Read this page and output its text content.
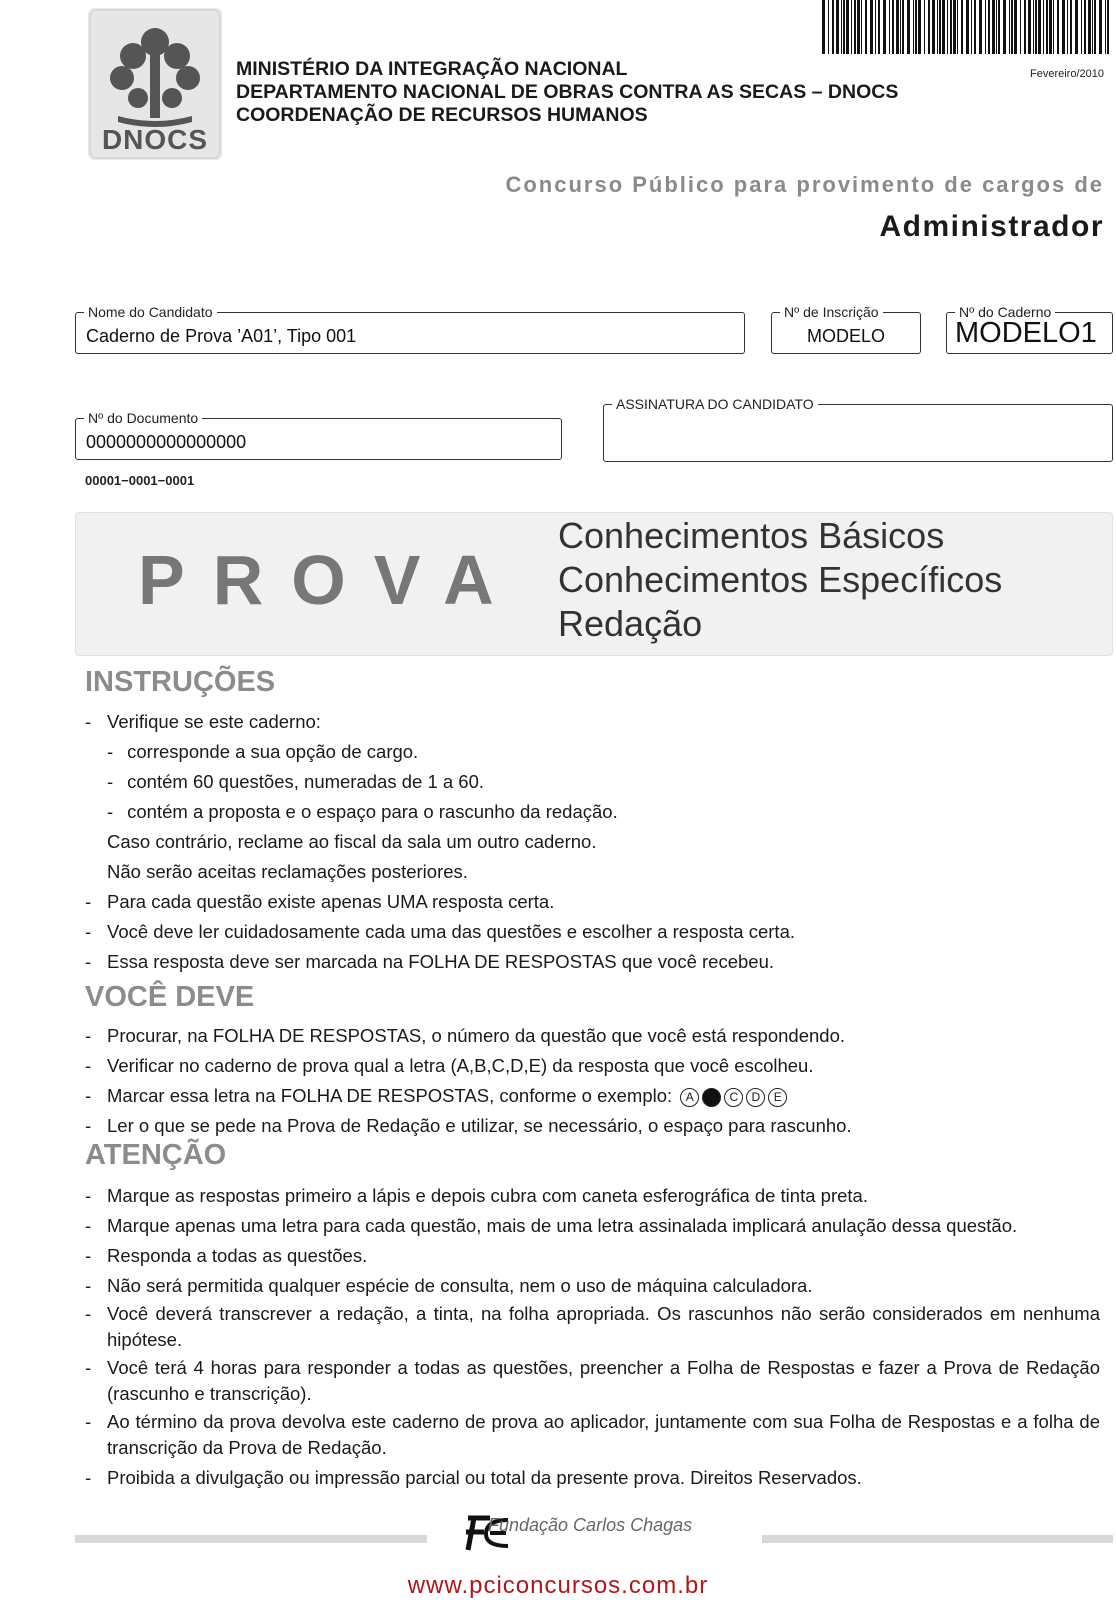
DNOCS
MINISTÉRIO DA INTEGRAÇÃO NACIONAL
DEPARTAMENTO NACIONAL DE OBRAS CONTRA AS SECAS – DNOCS
COORDENAÇÃO DE RECURSOS HUMANOS
Fevereiro/2010
Concurso Público para provimento de cargos de
Administrador
Nome do Candidato
Caderno de Prova ’A01’, Tipo 001
Nº de Inscrição
MODELO
Nº do Caderno
MODELO1
Nº do Documento
0000000000000000
ASSINATURA DO CANDIDATO
00001−0001−0001
PROVA
Conhecimentos Básicos
Conhecimentos Específicos
Redação
INSTRUÇÕES
- Verifique se este caderno:
- corresponde a sua opção de cargo.
- contém 60 questões, numeradas de 1 a 60.
- contém a proposta e o espaço para o rascunho da redação.
Caso contrário, reclame ao fiscal da sala um outro caderno.
Não serão aceitas reclamações posteriores.
- Para cada questão existe apenas UMA resposta certa.
- Você deve ler cuidadosamente cada uma das questões e escolher a resposta certa.
- Essa resposta deve ser marcada na FOLHA DE RESPOSTAS que você recebeu.
VOCÊ DEVE
- Procurar, na FOLHA DE RESPOSTAS, o número da questão que você está respondendo.
- Verificar no caderno de prova qual a letra (A,B,C,D,E) da resposta que você escolheu.
- Marcar essa letra na FOLHA DE RESPOSTAS, conforme o exemplo: A	C D E
- Ler o que se pede na Prova de Redação e utilizar, se necessário, o espaço para rascunho.
ATENÇÃO
- Marque as respostas primeiro a lápis e depois cubra com caneta esferográfica de tinta preta.
- Marque apenas uma letra para cada questão, mais de uma letra assinalada implicará anulação dessa questão.
- Responda a todas as questões.
- Não será permitida qualquer espécie de consulta, nem o uso de máquina calculadora.
- Você deverá transcrever a redação, a tinta, na folha apropriada. Os rascunhos não serão considerados em nenhuma hipótese.
- Você terá 4 horas para responder a todas as questões, preencher a Folha de Respostas e fazer a Prova de Redação (rascunho e transcrição).
- Ao término da prova devolva este caderno de prova ao aplicador, juntamente com sua Folha de Respostas e a folha de transcrição da Prova de Redação.
- Proibida a divulgação ou impressão parcial ou total da presente prova. Direitos Reservados.
Fundação Carlos Chagas
www.pciconcursos.com.br
